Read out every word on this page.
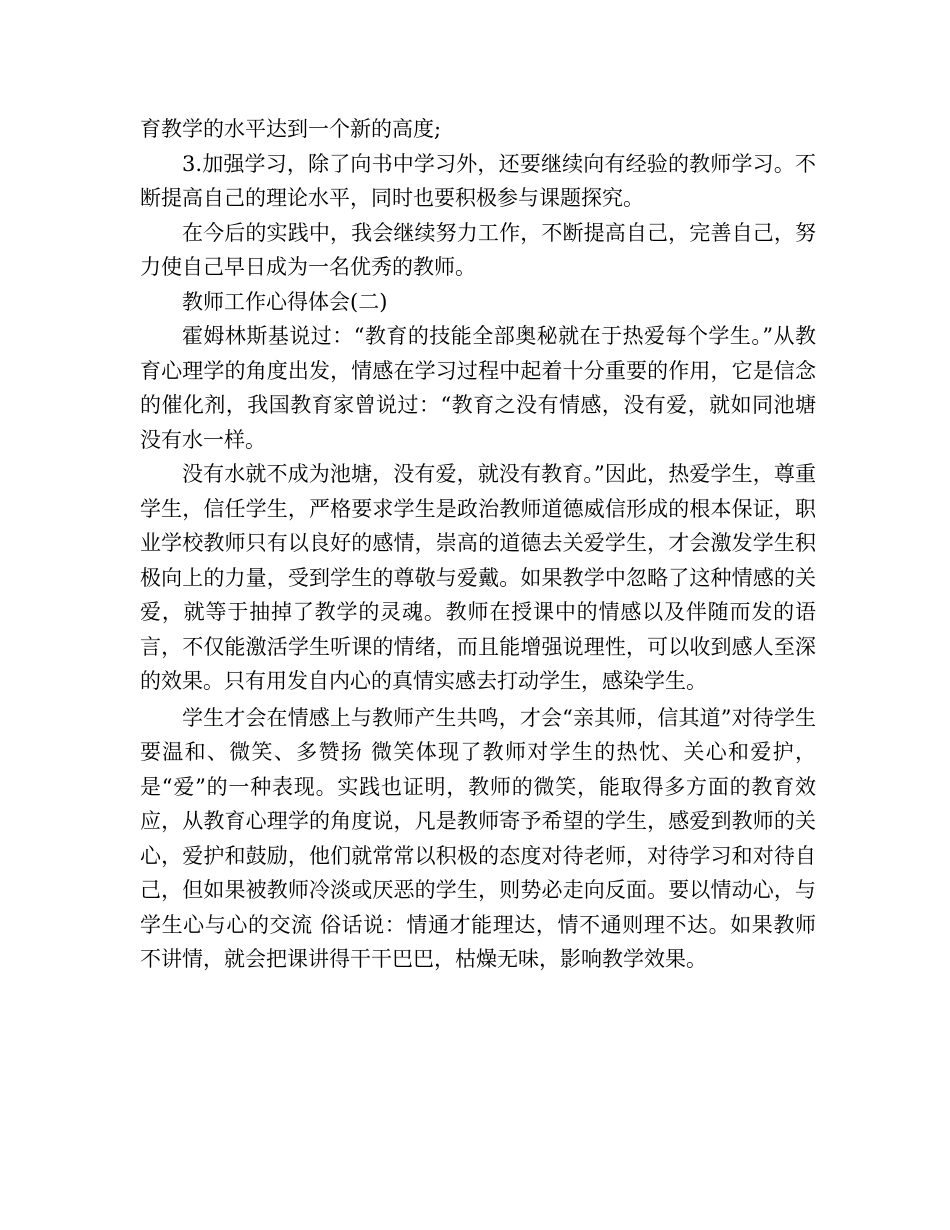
育教学的水平达到一个新的高度;

3.加强学习，除了向书中学习外，还要继续向有经验的教师学习。不断提高自己的理论水平，同时也要积极参与课题探究。

在今后的实践中，我会继续努力工作，不断提高自己，完善自己，努力使自己早日成为一名优秀的教师。

教师工作心得体会(二)

霍姆林斯基说过：“教育的技能全部奥秘就在于热爱每个学生。”从教育心理学的角度出发，情感在学习过程中起着十分重要的作用，它是信念的催化剂，我国教育家曾说过：“教育之没有情感，没有爱，就如同池塘没有水一样。

没有水就不成为池塘，没有爱，就没有教育。”因此，热爱学生，尊重学生，信任学生，严格要求学生是政治教师道德威信形成的根本保证，职业学校教师只有以良好的感情，崇高的道德去关爱学生，才会激发学生积极向上的力量，受到学生的尊敬与爱戴。如果教学中忽略了这种情感的关爱，就等于抽掉了教学的灵魂。教师在授课中的情感以及伴随而发的语言，不仅能激活学生听课的情绪，而且能增强说理性，可以收到感人至深的效果。只有用发自内心的真情实感去打动学生，感染学生。

学生才会在情感上与教师产生共鸣，才会“亲其师，信其道”对待学生要温和、微笑、多赞扬 微笑体现了教师对学生的热忱、关心和爱护，是“爱”的一种表现。实践也证明，教师的微笑，能取得多方面的教育效应，从教育心理学的角度说，凡是教师寄予希望的学生，感爱到教师的关心，爱护和鼓励，他们就常常以积极的态度对待老师，对待学习和对待自己，但如果被教师冷淡或厌恶的学生，则势必走向反面。要以情动心，与学生心与心的交流 俗话说：情通才能理达，情不通则理不达。如果教师不讲情，就会把课讲得干干巴巴，枯燥无味，影响教学效果。
